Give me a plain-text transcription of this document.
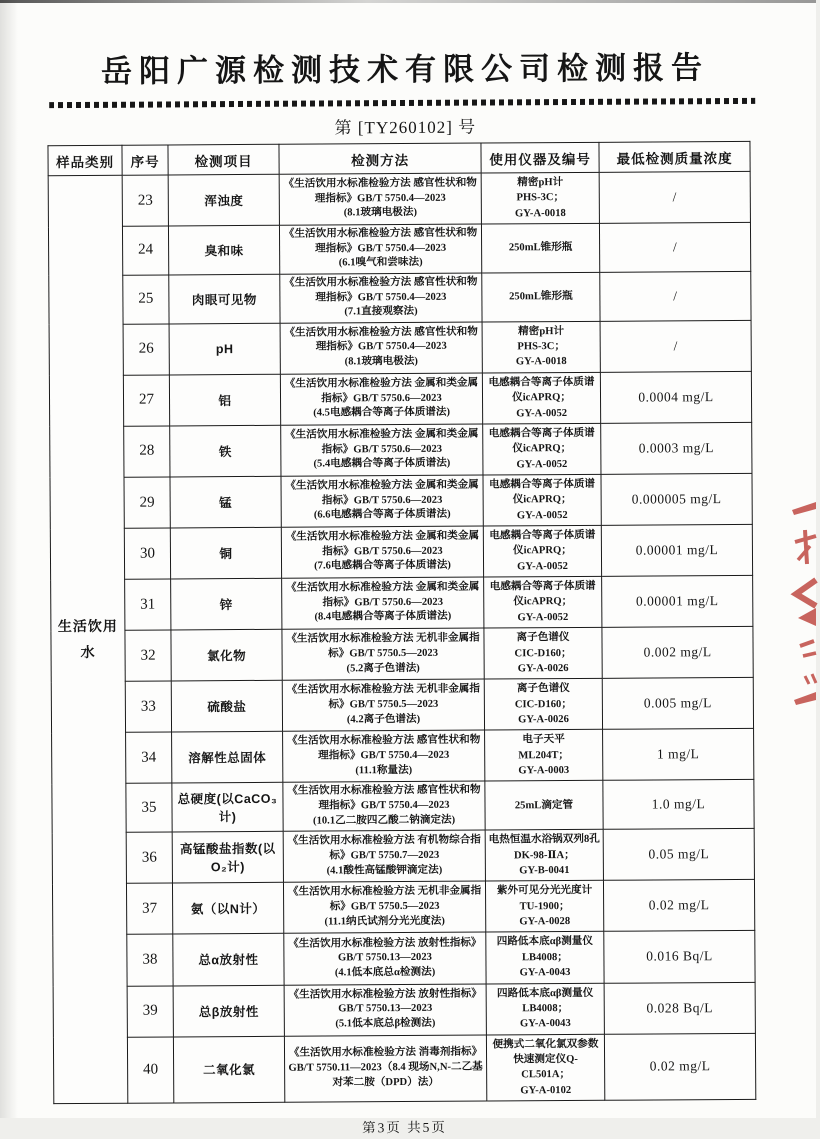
岳阳广源检测技术有限公司检测报告
第 [TY260102] 号
样品类别	序号	检测项目	检测方法	使用仪器及编号	最低检测质量浓度
生活饮用
水	23	浑浊度	《生活饮用水标准检验方法 感官性状和物
理指标》GB/T 5750.4—2023
(8.1玻璃电极法)	精密pH计
PHS-3C；
GY-A-0018	/
	24	臭和味	《生活饮用水标准检验方法 感官性状和物
理指标》GB/T 5750.4—2023
(6.1嗅气和尝味法)	250mL锥形瓶	/
	25	肉眼可见物	《生活饮用水标准检验方法 感官性状和物
理指标》GB/T 5750.4—2023
(7.1直接观察法)	250mL锥形瓶	/
	26	pH	《生活饮用水标准检验方法 感官性状和物
理指标》GB/T 5750.4—2023
(8.1玻璃电极法)	精密pH计
PHS-3C；
GY-A-0018	/
	27	铝	《生活饮用水标准检验方法 金属和类金属
指标》GB/T 5750.6—2023
(4.5电感耦合等离子体质谱法)	电感耦合等离子体质谱
仪icAPRQ；
GY-A-0052	0.0004 mg/L
	28	铁	《生活饮用水标准检验方法 金属和类金属
指标》GB/T 5750.6—2023
(5.4电感耦合等离子体质谱法)	电感耦合等离子体质谱
仪icAPRQ；
GY-A-0052	0.0003 mg/L
	29	锰	《生活饮用水标准检验方法 金属和类金属
指标》GB/T 5750.6—2023
(6.6电感耦合等离子体质谱法)	电感耦合等离子体质谱
仪icAPRQ；
GY-A-0052	0.000005 mg/L
	30	铜	《生活饮用水标准检验方法 金属和类金属
指标》GB/T 5750.6—2023
(7.6电感耦合等离子体质谱法)	电感耦合等离子体质谱
仪icAPRQ；
GY-A-0052	0.00001 mg/L
	31	锌	《生活饮用水标准检验方法 金属和类金属
指标》GB/T 5750.6—2023
(8.4电感耦合等离子体质谱法)	电感耦合等离子体质谱
仪icAPRQ；
GY-A-0052	0.00001 mg/L
	32	氯化物	《生活饮用水标准检验方法 无机非金属指
标》GB/T 5750.5—2023
(5.2离子色谱法)	离子色谱仪
CIC-D160；
GY-A-0026	0.002 mg/L
	33	硫酸盐	《生活饮用水标准检验方法 无机非金属指
标》GB/T 5750.5—2023
(4.2离子色谱法)	离子色谱仪
CIC-D160；
GY-A-0026	0.005 mg/L
	34	溶解性总固体	《生活饮用水标准检验方法 感官性状和物
理指标》GB/T 5750.4—2023
(11.1称量法)	电子天平
ML204T；
GY-A-0003	1 mg/L
	35	总硬度(以CaCO₃计)	《生活饮用水标准检验方法 感官性状和物
理指标》GB/T 5750.4—2023
(10.1乙二胺四乙酸二钠滴定法)	25mL滴定管	1.0 mg/L
	36	高锰酸盐指数(以O₂计)	《生活饮用水标准检验方法 有机物综合指
标》GB/T 5750.7—2023
(4.1酸性高锰酸钾滴定法)	电热恒温水浴锅双列8孔
DK-98-ⅡA；
GY-B-0041	0.05 mg/L
	37	氨（以N计）	《生活饮用水标准检验方法 无机非金属指
标》GB/T 5750.5—2023
(11.1纳氏试剂分光光度法)	紫外可见分光光度计
TU-1900；
GY-A-0028	0.02 mg/L
	38	总α放射性	《生活饮用水标准检验方法 放射性指标》
GB/T 5750.13—2023
(4.1低本底总α检测法)	四路低本底αβ测量仪
LB4008；
GY-A-0043	0.016 Bq/L
	39	总β放射性	《生活饮用水标准检验方法 放射性指标》
GB/T 5750.13—2023
(5.1低本底总β检测法)	四路低本底αβ测量仪
LB4008；
GY-A-0043	0.028 Bq/L
	40	二氧化氯	《生活饮用水标准检验方法 消毒剂指标》
GB/T 5750.11—2023（8.4 现场N,N-二乙基
对苯二胺（DPD）法）	便携式二氧化氯双参数
快速测定仪Q-CL501A；
GY-A-0102	0.02 mg/L
第3页 共5页
